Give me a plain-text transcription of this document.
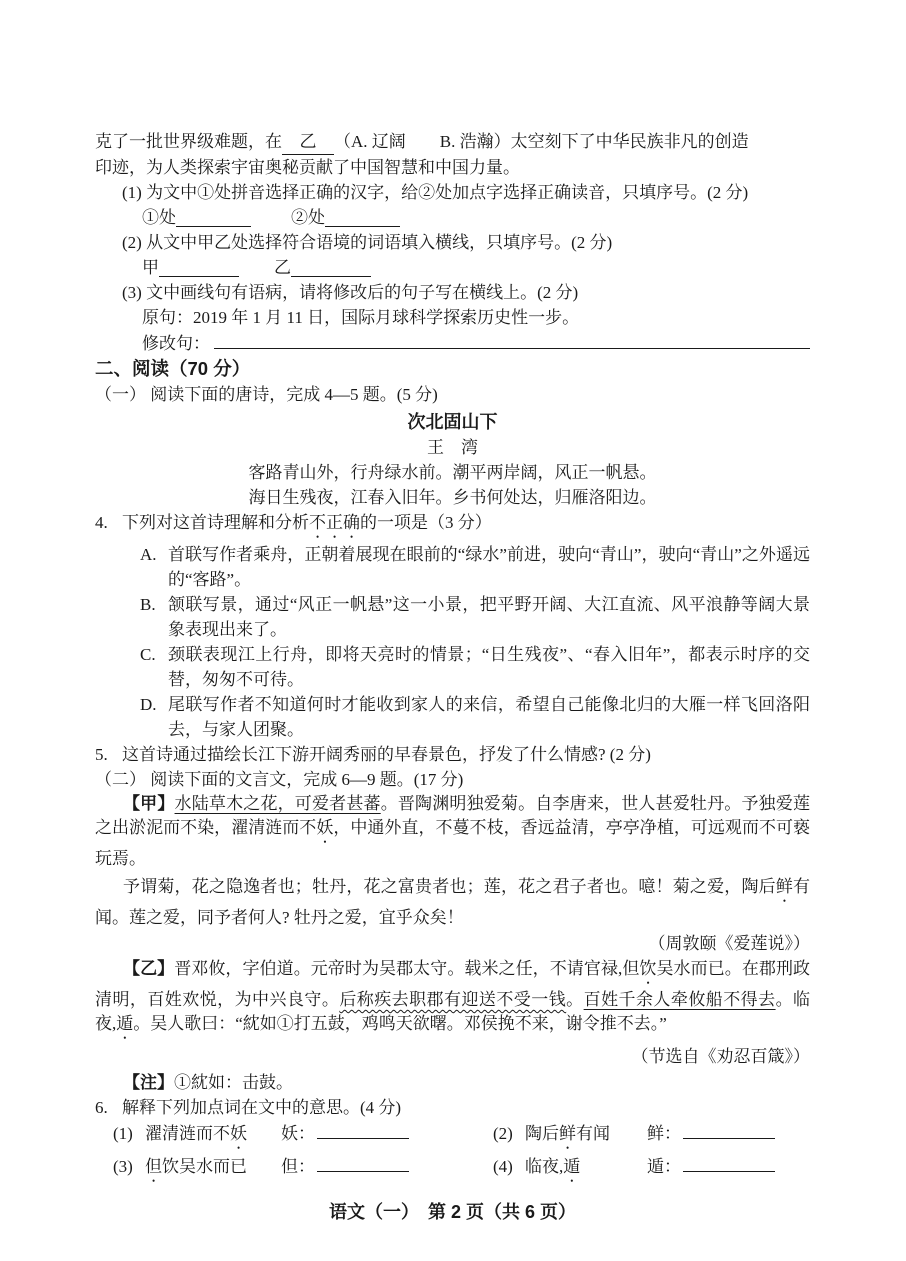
克了一批世界级难题，在 乙 （A. 辽阔　　B. 浩瀚）太空刻下了中华民族非凡的创造
印迹，为人类探索宇宙奥秘贡献了中国智慧和中国力量。
(1) 为文中①处拼音选择正确的汉字，给②处加点字选择正确读音，只填序号。(2 分)
①处	②处
(2) 从文中甲乙处选择符合语境的词语填入横线，只填序号。(2 分)
甲	乙
(3) 文中画线句有语病，请将修改后的句子写在横线上。(2 分)
原句：2019 年 1 月 11 日，国际月球科学探索历史性一步。
修改句：
二、阅读（70 分）
（一） 阅读下面的唐诗，完成 4—5 题。(5 分)
次北固山下
王　湾
客路青山外，行舟绿水前。潮平两岸阔，风正一帆悬。
海日生残夜，江春入旧年。乡书何处达，归雁洛阳边。
4. 下列对这首诗理解和分析不正确的一项是（3 分）
A. 首联写作者乘舟，正朝着展现在眼前的“绿水”前进，驶向“青山”，驶向“青山”之外遥远的“客路”。
B. 颔联写景，通过“风正一帆悬”这一小景，把平野开阔、大江直流、风平浪静等阔大景象表现出来了。
C. 颈联表现江上行舟，即将天亮时的情景；“日生残夜”、“春入旧年”，都表示时序的交替，匆匆不可待。
D. 尾联写作者不知道何时才能收到家人的来信，希望自己能像北归的大雁一样飞回洛阳去，与家人团聚。
5. 这首诗通过描绘长江下游开阔秀丽的早春景色，抒发了什么情感? (2 分)
（二） 阅读下面的文言文，完成 6—9 题。(17 分)
【甲】水陆草木之花，可爱者甚蕃。晋陶渊明独爱菊。自李唐来，世人甚爱牡丹。予独爱莲之出淤泥而不染，濯清涟而不妖，中通外直，不蔓不枝，香远益清，亭亭净植，可远观而不可亵玩焉。
予谓菊，花之隐逸者也；牡丹，花之富贵者也；莲，花之君子者也。噫！菊之爱，陶后鲜有闻。莲之爱，同予者何人? 牡丹之爱，宜乎众矣！
（周敦颐《爱莲说》）
【乙】晋邓攸，字伯道。元帝时为吴郡太守。载米之任，不请官禄,但饮吴水而已。在郡刑政清明，百姓欢悦，为中兴良守。后称疾去职郡有迎送不受一钱。百姓千余人牵攸船不得去。临夜,遁。吴人歌曰：“紞如①打五鼓，鸡鸣天欲曙。邓侯挽不来，谢令推不去。”
（节选自《劝忍百箴》）
【注】①紞如：击鼓。
6. 解释下列加点词在文中的意思。(4 分)
(1) 濯清涟而不妖	妖：	(2) 陶后鲜有闻	鲜：
(3) 但饮吴水而已	但：	(4) 临夜,遁	遁：
语文（一）　第 2 页（共 6 页）
